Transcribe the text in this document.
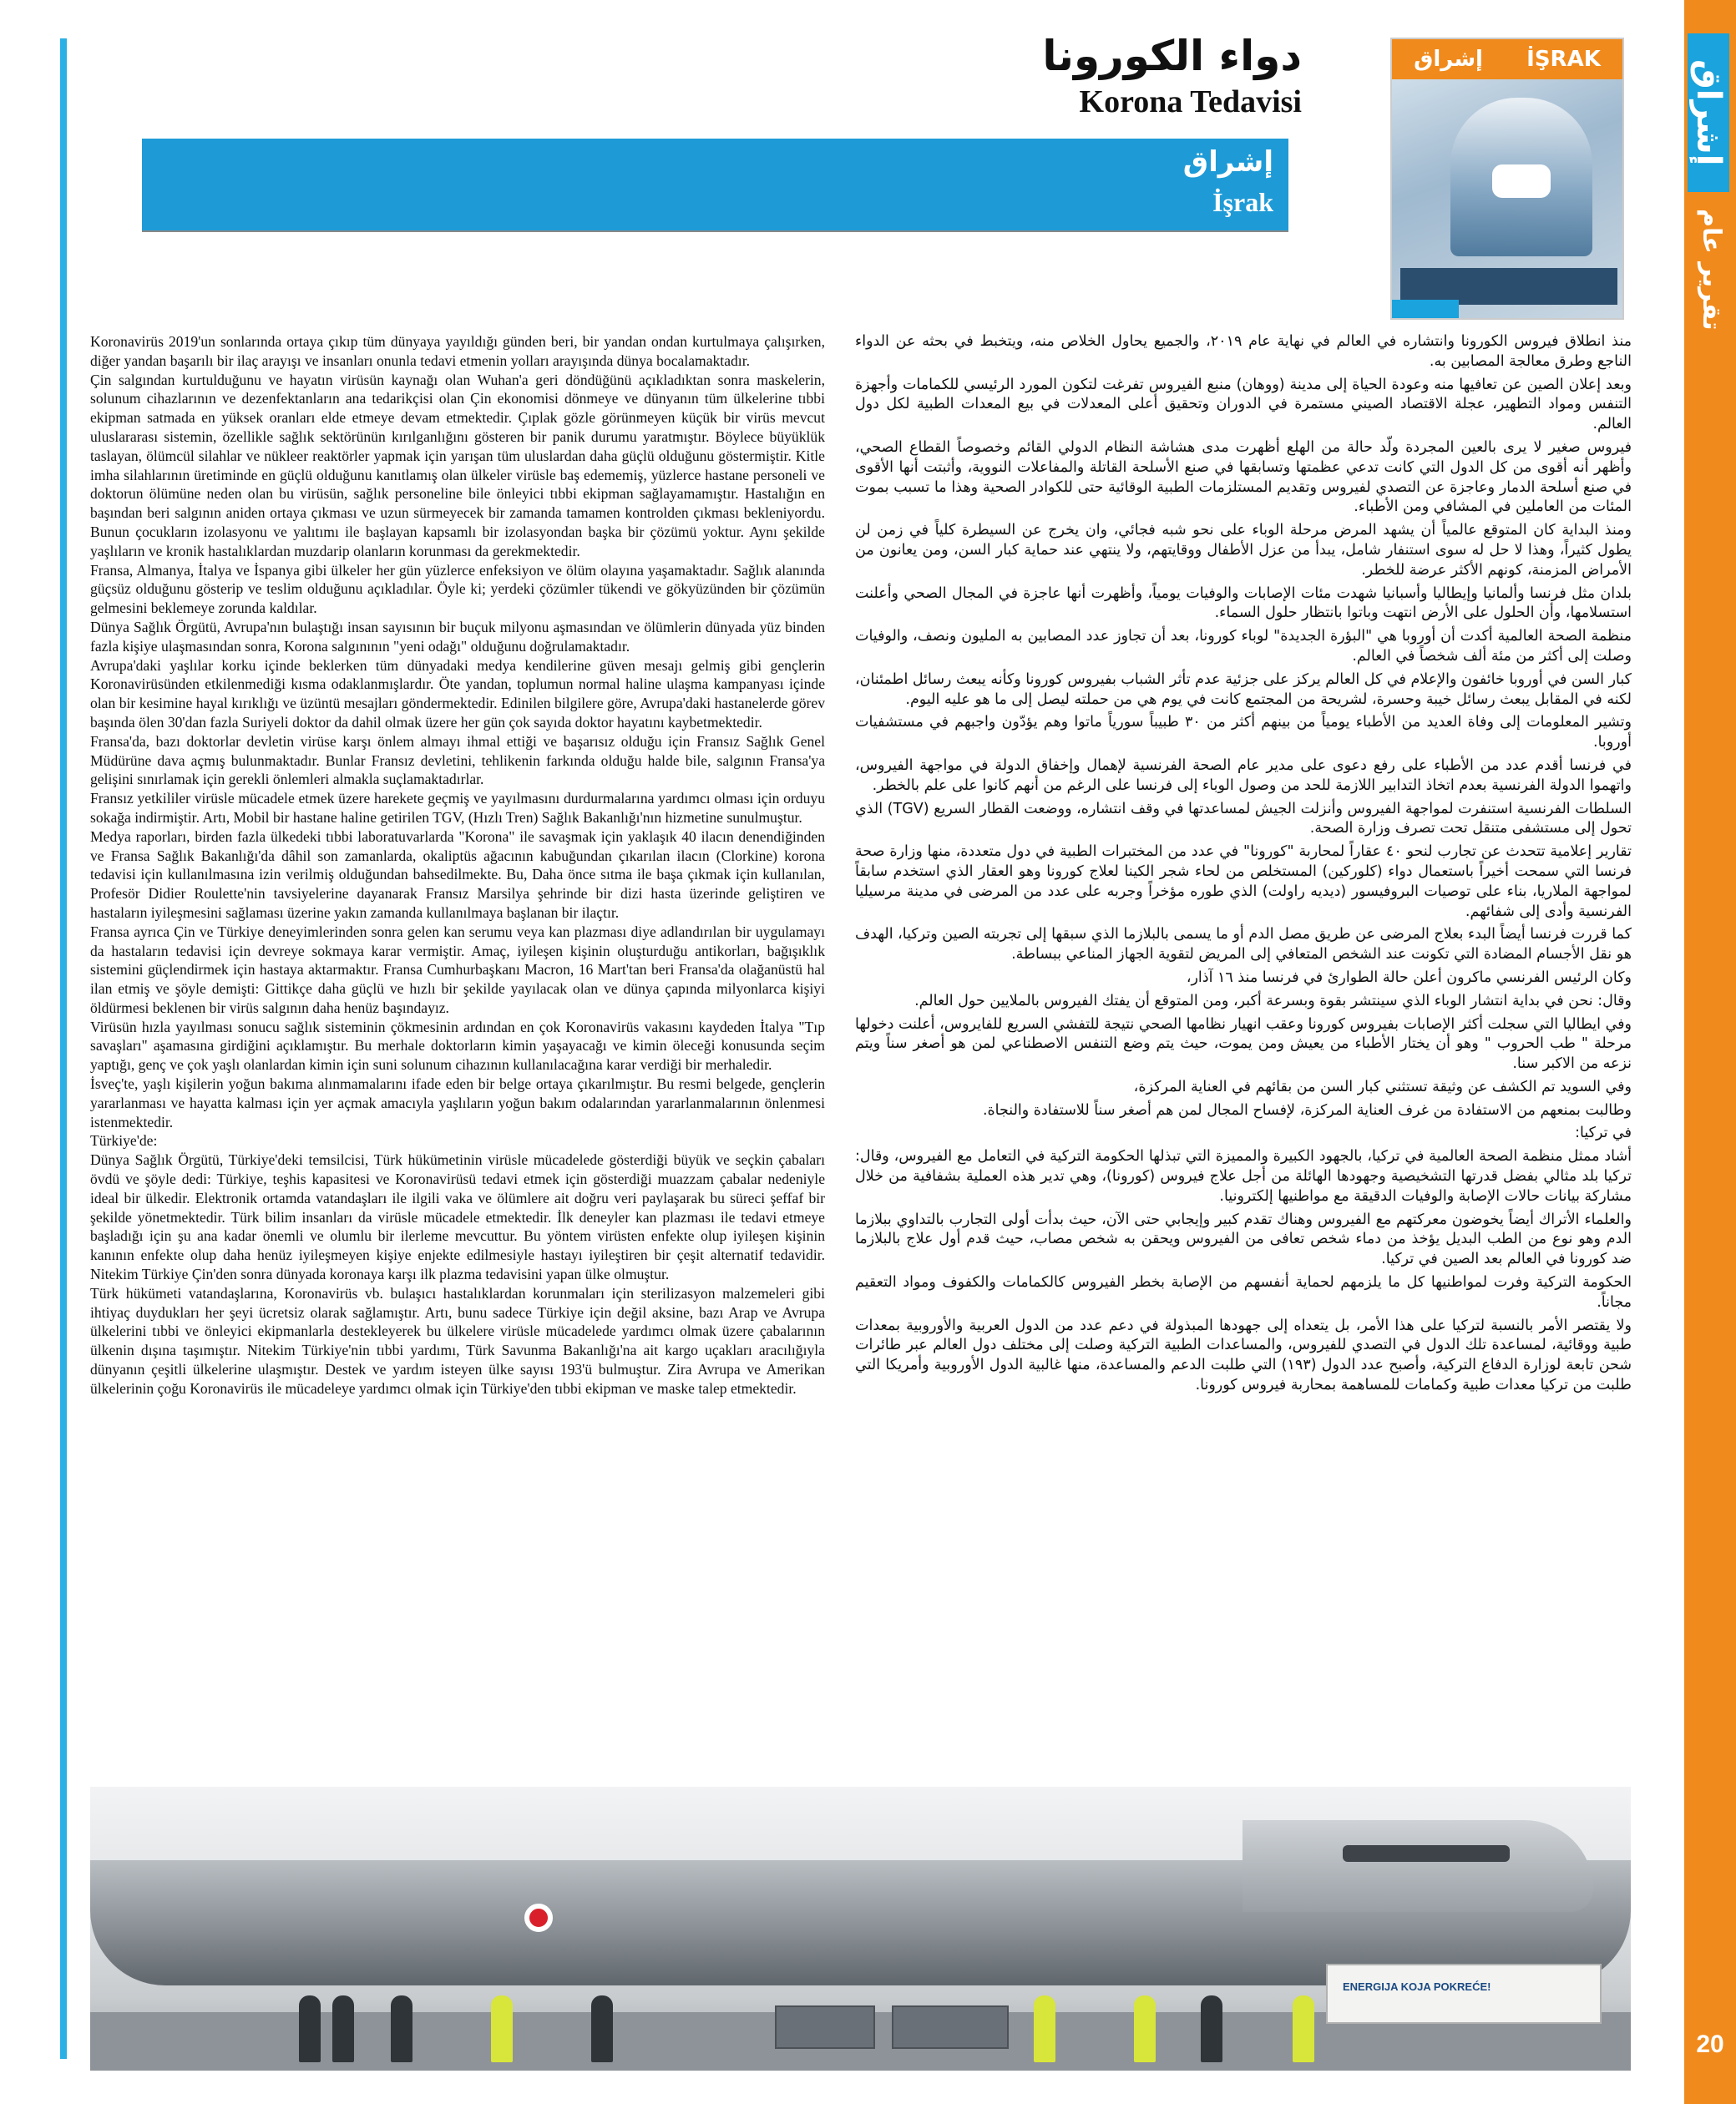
إشراق
تقرير عام
20
إشراق İŞRAK
دواء الكورونا
Korona Tedavisi
إشراق
İşrak

Koronavirüs 2019'un sonlarında ortaya çıkıp tüm dünyaya yayıldığı günden beri, bir yandan ondan kurtulmaya çalışırken, diğer yandan başarılı bir ilaç arayışı ve insanları onunla tedavi etmenin yolları arayışında dünya bocalamaktadır.

Çin salgından kurtulduğunu ve hayatın virüsün kaynağı olan Wuhan'a geri döndüğünü açıkladıktan sonra maskelerin, solunum cihazlarının ve dezenfektanların ana tedarikçisi olan Çin ekonomisi dönmeye ve dünyanın tüm ülkelerine tıbbi ekipman satmada en yüksek oranları elde etmeye devam etmektedir. Çıplak gözle görünmeyen küçük bir virüs mevcut uluslararası sistemin, özellikle sağlık sektörünün kırılganlığını gösteren bir panik durumu yaratmıştır. Böylece büyüklük taslayan, ölümcül silahlar ve nükleer reaktörler yapmak için yarışan tüm uluslardan daha güçlü olduğunu göstermiştir. Kitle imha silahlarının üretiminde en güçlü olduğunu kanıtlamış olan ülkeler virüsle baş edememiş, yüzlerce hastane personeli ve doktorun ölümüne neden olan bu virüsün, sağlık personeline bile önleyici tıbbi ekipman sağlayamamıştır. Hastalığın en başından beri salgının aniden ortaya çıkması ve uzun sürmeyecek bir zamanda tamamen kontrolden çıkması bekleniyordu. Bunun çocukların izolasyonu ve yalıtımı ile başlayan kapsamlı bir izolasyondan başka bir çözümü yoktur. Aynı şekilde yaşlıların ve kronik hastalıklardan muzdarip olanların korunması da gerekmektedir.

Fransa, Almanya, İtalya ve İspanya gibi ülkeler her gün yüzlerce enfeksiyon ve ölüm olayına yaşamaktadır. Sağlık alanında güçsüz olduğunu gösterip ve teslim olduğunu açıkladılar. Öyle ki; yerdeki çözümler tükendi ve gökyüzünden bir çözümün gelmesini beklemeye zorunda kaldılar.

Dünya Sağlık Örgütü, Avrupa'nın bulaştığı insan sayısının bir buçuk milyonu aşmasından ve ölümlerin dünyada yüz binden fazla kişiye ulaşmasından sonra, Korona salgınının "yeni odağı" olduğunu doğrulamaktadır.

Avrupa'daki yaşlılar korku içinde beklerken tüm dünyadaki medya kendilerine güven mesajı gelmiş gibi gençlerin Koronavirüsünden etkilenmediği kısma odaklanmışlardır. Öte yandan, toplumun normal haline ulaşma kampanyası içinde olan bir kesimine hayal kırıklığı ve üzüntü mesajları göndermektedir. Edinilen bilgilere göre, Avrupa'daki hastanelerde görev başında ölen 30'dan fazla Suriyeli doktor da dahil olmak üzere her gün çok sayıda doktor hayatını kaybetmektedir.

Fransa'da, bazı doktorlar devletin virüse karşı önlem almayı ihmal ettiği ve başarısız olduğu için Fransız Sağlık Genel Müdürüne dava açmış bulunmaktadır. Bunlar Fransız devletini, tehlikenin farkında olduğu halde bile, salgının Fransa'ya gelişini sınırlamak için gerekli önlemleri almakla suçlamaktadırlar.

Fransız yetkililer virüsle mücadele etmek üzere harekete geçmiş ve yayılmasını durdurmalarına yardımcı olması için orduyu sokağa indirmiştir. Artı, Mobil bir hastane haline getirilen TGV, (Hızlı Tren) Sağlık Bakanlığı'nın hizmetine sunulmuştur.

Medya raporları, birden fazla ülkedeki tıbbi laboratuvarlarda "Korona" ile savaşmak için yaklaşık 40 ilacın denendiğinden ve Fransa Sağlık Bakanlığı'da dâhil son zamanlarda, okaliptüs ağacının kabuğundan çıkarılan ilacın (Clorkine) korona tedavisi için kullanılmasına izin verilmiş olduğundan bahsedilmekte. Bu, Daha önce sıtma ile başa çıkmak için kullanılan, Profesör Didier Roulette'nin tavsiyelerine dayanarak Fransız Marsilya şehrinde bir dizi hasta üzerinde geliştiren ve hastaların iyileşmesini sağlaması üzerine yakın zamanda kullanılmaya başlanan bir ilaçtır.

Fransa ayrıca Çin ve Türkiye deneyimlerinden sonra gelen kan serumu veya kan plazması diye adlandırılan bir uygulamayı da hastaların tedavisi için devreye sokmaya karar vermiştir. Amaç, iyileşen kişinin oluşturduğu antikorları, bağışıklık sistemini güçlendirmek için hastaya aktarmaktır. Fransa Cumhurbaşkanı Macron, 16 Mart'tan beri Fransa'da olağanüstü hal ilan etmiş ve şöyle demişti: Gittikçe daha güçlü ve hızlı bir şekilde yayılacak olan ve dünya çapında milyonlarca kişiyi öldürmesi beklenen bir virüs salgının daha henüz başındayız.

Virüsün hızla yayılması sonucu sağlık sisteminin çökmesinin ardından en çok Koronavirüs vakasını kaydeden İtalya "Tıp savaşları" aşamasına girdiğini açıklamıştır. Bu merhale doktorların kimin yaşayacağı ve kimin öleceği konusunda seçim yaptığı, genç ve çok yaşlı olanlardan kimin için suni solunum cihazının kullanılacağına karar verdiği bir merhaledir.

İsveç'te, yaşlı kişilerin yoğun bakıma alınmamalarını ifade eden bir belge ortaya çıkarılmıştır. Bu resmi belgede, gençlerin yararlanması ve hayatta kalması için yer açmak amacıyla yaşlıların yoğun bakım odalarından yararlanmalarının önlenmesi istenmektedir.

Türkiye'de:

Dünya Sağlık Örgütü, Türkiye'deki temsilcisi, Türk hükümetinin virüsle mücadelede gösterdiği büyük ve seçkin çabaları övdü ve şöyle dedi: Türkiye, teşhis kapasitesi ve Koronavirüsü tedavi etmek için gösterdiği muazzam çabalar nedeniyle ideal bir ülkedir. Elektronik ortamda vatandaşları ile ilgili vaka ve ölümlere ait doğru veri paylaşarak bu süreci şeffaf bir şekilde yönetmektedir. Türk bilim insanları da virüsle mücadele etmektedir. İlk deneyler kan plazması ile tedavi etmeye başladığı için şu ana kadar önemli ve olumlu bir ilerleme mevcuttur. Bu yöntem virüsten enfekte olup iyileşen kişinin kanının enfekte olup daha henüz iyileşmeyen kişiye enjekte edilmesiyle hastayı iyileştiren bir çeşit alternatif tedavidir. Nitekim Türkiye Çin'den sonra dünyada koronaya karşı ilk plazma tedavisini yapan ülke olmuştur.

Türk hükümeti vatandaşlarına, Koronavirüs vb. bulaşıcı hastalıklardan korunmaları için sterilizasyon malzemeleri gibi ihtiyaç duydukları her şeyi ücretsiz olarak sağlamıştır. Artı, bunu sadece Türkiye için değil aksine, bazı Arap ve Avrupa ülkelerini tıbbi ve önleyici ekipmanlarla destekleyerek bu ülkelere virüsle mücadelede yardımcı olmak üzere çabalarının ülkenin dışına taşımıştır. Nitekim Türkiye'nin tıbbi yardımı, Türk Savunma Bakanlığı'na ait kargo uçakları aracılığıyla dünyanın çeşitli ülkelerine ulaşmıştır. Destek ve yardım isteyen ülke sayısı 193'ü bulmuştur. Zira Avrupa ve Amerikan ülkelerinin çoğu Koronavirüs ile mücadeleye yardımcı olmak için Türkiye'den tıbbi ekipman ve maske talep etmektedir.

منذ انطلاق فيروس الكورونا وانتشاره في العالم في نهاية عام ٢٠١٩، والجميع يحاول الخلاص منه، ويتخبط في بحثه عن الدواء الناجع وطرق معالجة المصابين به.

وبعد إعلان الصين عن تعافيها منه وعودة الحياة إلى مدينة (ووهان) منبع الفيروس تفرغت لتكون المورد الرئيسي للكمامات وأجهزة التنفس ومواد التطهير، عجلة الاقتصاد الصيني مستمرة في الدوران وتحقيق أعلى المعدلات في بيع المعدات الطبية لكل دول العالم.

فيروس صغير لا يرى بالعين المجردة ولّد حالة من الهلع أظهرت مدى هشاشة النظام الدولي القائم وخصوصاً القطاع الصحي، وأظهر أنه أقوى من كل الدول التي كانت تدعي عظمتها وتسابقها في صنع الأسلحة القاتلة والمفاعلات النووية، وأثبتت أنها الأقوى في صنع أسلحة الدمار وعاجزة عن التصدي لفيروس وتقديم المستلزمات الطبية الوقائية حتى للكوادر الصحية وهذا ما تسبب بموت المئات من العاملين في المشافي ومن الأطباء.

ومنذ البداية كان المتوقع عالمياً أن يشهد المرض مرحلة الوباء على نحو شبه فجائي، وان يخرج عن السيطرة كلياً في زمن لن يطول كثيراً، وهذا لا حل له سوى استنفار شامل، يبدأ من عزل الأطفال ووقايتهم، ولا ينتهي عند حماية كبار السن، ومن يعانون من الأمراض المزمنة، كونهم الأكثر عرضة للخطر.

بلدان مثل فرنسا وألمانيا وإيطاليا وأسبانيا شهدت مئات الإصابات والوفيات يومياً، وأظهرت أنها عاجزة في المجال الصحي وأعلنت استسلامها، وأن الحلول على الأرض انتهت وباتوا بانتظار حلول السماء.

منظمة الصحة العالمية أكدت أن أوروبا هي "البؤرة الجديدة" لوباء كورونا، بعد أن تجاوز عدد المصابين به المليون ونصف، والوفيات وصلت إلى أكثر من مئة ألف شخصاً في العالم.

كبار السن في أوروبا خائفون والإعلام في كل العالم يركز على جزئية عدم تأثر الشباب بفيروس كورونا وكأنه يبعث رسائل اطمئنان، لكنه في المقابل يبعث رسائل خيبة وحسرة، لشريحة من المجتمع كانت في يوم هي من حملته ليصل إلى ما هو عليه اليوم.

وتشير المعلومات إلى وفاة العديد من الأطباء يومياً من بينهم أكثر من ٣٠ طبيباً سورياً ماتوا وهم يؤدّون واجبهم في مستشفيات أوروبا.

في فرنسا أقدم عدد من الأطباء على رفع دعوى على مدير عام الصحة الفرنسية لإهمال وإخفاق الدولة في مواجهة الفيروس، واتهموا الدولة الفرنسية بعدم اتخاذ التدابير اللازمة للحد من وصول الوباء إلى فرنسا على الرغم من أنهم كانوا على علم بالخطر.

السلطات الفرنسية استنفرت لمواجهة الفيروس وأنزلت الجيش لمساعدتها في وقف انتشاره، ووضعت القطار السريع (TGV) الذي تحول إلى مستشفى متنقل تحت تصرف وزارة الصحة.

تقارير إعلامية تتحدث عن تجارب لنحو ٤٠ عقاراً لمحاربة "كورونا" في عدد من المختبرات الطبية في دول متعددة، منها وزارة صحة فرنسا التي سمحت أخيراً باستعمال دواء (كلوركين) المستخلص من لحاء شجر الكينا لعلاج كورونا وهو العقار الذي استخدم سابقاً لمواجهة الملاريا، بناء على توصيات البروفيسور (ديديه راولت) الذي طوره مؤخراً وجربه على عدد من المرضى في مدينة مرسيليا الفرنسية وأدى إلى شفائهم.

كما قررت فرنسا أيضاً البدء بعلاج المرضى عن طريق مصل الدم أو ما يسمى بالبلازما الذي سبقها إلى تجربته الصين وتركيا، الهدف هو نقل الأجسام المضادة التي تكونت عند الشخص المتعافي إلى المريض لتقوية الجهاز المناعي ببساطة.

وكان الرئيس الفرنسي ماكرون أعلن حالة الطوارئ في فرنسا منذ ١٦ آذار،

وقال: نحن في بداية انتشار الوباء الذي سينتشر بقوة وبسرعة أكبر، ومن المتوقع أن يفتك الفيروس بالملايين حول العالم.

وفي ايطاليا التي سجلت أكثر الإصابات بفيروس كورونا وعقب انهيار نظامها الصحي نتيجة للتفشي السريع للفايروس، أعلنت دخولها مرحلة " طب الحروب " وهو أن يختار الأطباء من يعيش ومن يموت، حيث يتم وضع التنفس الاصطناعي لمن هو أصغر سناً ويتم نزعه من الاكبر سنا.

وفي السويد تم الكشف عن وثيقة تستثني كبار السن من بقائهم في العناية المركزة،

وطالبت بمنعهم من الاستفادة من غرف العناية المركزة، لإفساح المجال لمن هم أصغر سناً للاستفادة والنجاة.

في تركيا:

أشاد ممثل منظمة الصحة العالمية في تركيا، بالجهود الكبيرة والمميزة التي تبذلها الحكومة التركية في التعامل مع الفيروس، وقال: تركيا بلد مثالي بفضل قدرتها التشخيصية وجهودها الهائلة من أجل علاج فيروس (كورونا)، وهي تدير هذه العملية بشفافية من خلال مشاركة بيانات حالات الإصابة والوفيات الدقيقة مع مواطنيها إلكترونيا.

والعلماء الأتراك أيضاً يخوضون معركتهم مع الفيروس وهناك تقدم كبير وإيجابي حتى الآن، حيث بدأت أولى التجارب بالتداوي ببلازما الدم وهو نوع من الطب البديل يؤخذ من دماء شخص تعافى من الفيروس ويحقن به شخص مصاب، حيث قدم أول علاج بالبلازما ضد كورونا في العالم بعد الصين في تركيا.

الحكومة التركية وفرت لمواطنيها كل ما يلزمهم لحماية أنفسهم من الإصابة بخطر الفيروس كالكمامات والكفوف ومواد التعقيم مجاناً.

ولا يقتصر الأمر بالنسبة لتركيا على هذا الأمر، بل يتعداه إلى جهودها المبذولة في دعم عدد من الدول العربية والأوروبية بمعدات طبية ووقائية، لمساعدة تلك الدول في التصدي للفيروس، والمساعدات الطبية التركية وصلت إلى مختلف دول العالم عبر طائرات شحن تابعة لوزارة الدفاع التركية، وأصبح عدد الدول (١٩٣) التي طلبت الدعم والمساعدة، منها غالبية الدول الأوروبية وأمريكا التي طلبت من تركيا معدات طبية وكمامات للمساهمة بمحاربة فيروس كورونا.

ENERGIJA KOJA POKREĆE!
